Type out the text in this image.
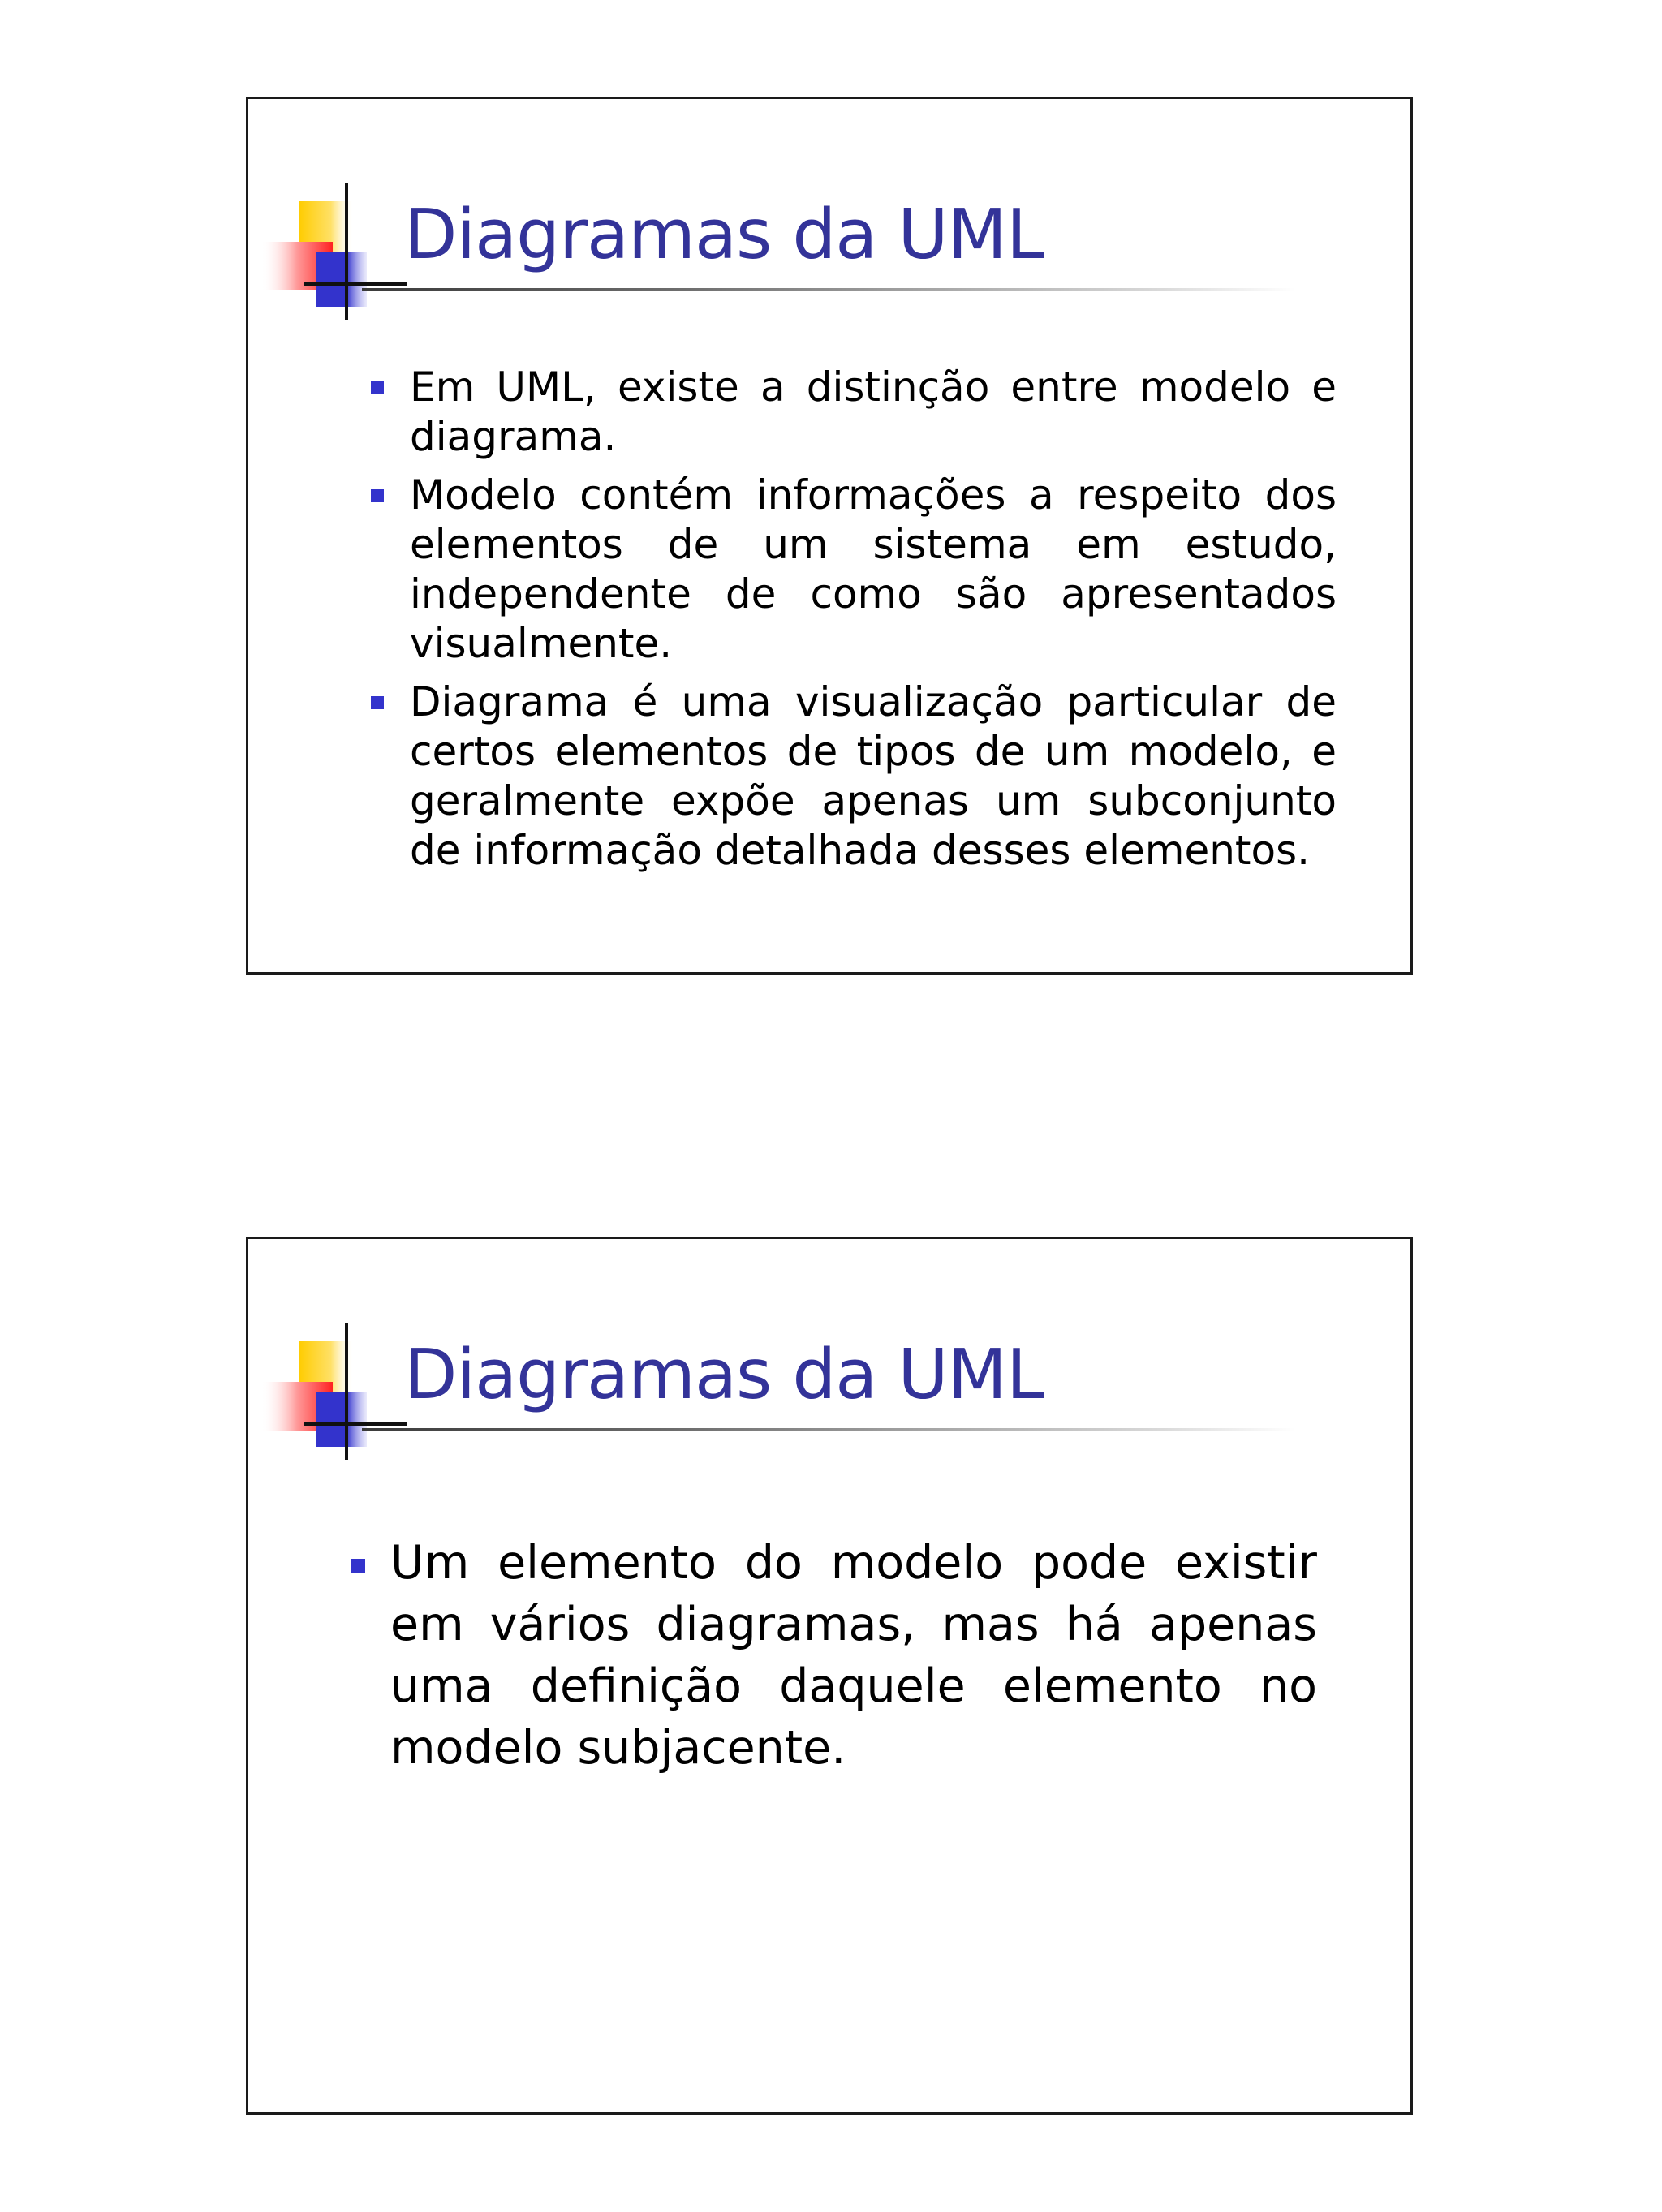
Diagramas da UML
Em UML, existe a distinção entre modelo e diagrama.
Modelo contém informações a respeito dos elementos de um sistema em estudo, independente de como são apresentados visualmente.
Diagrama é uma visualização particular de certos elementos de tipos de um modelo, e geralmente expõe apenas um subconjunto de informação detalhada desses elementos.
Diagramas da UML
Um elemento do modelo pode existir em vários diagramas, mas há apenas uma definição daquele elemento no modelo subjacente.
